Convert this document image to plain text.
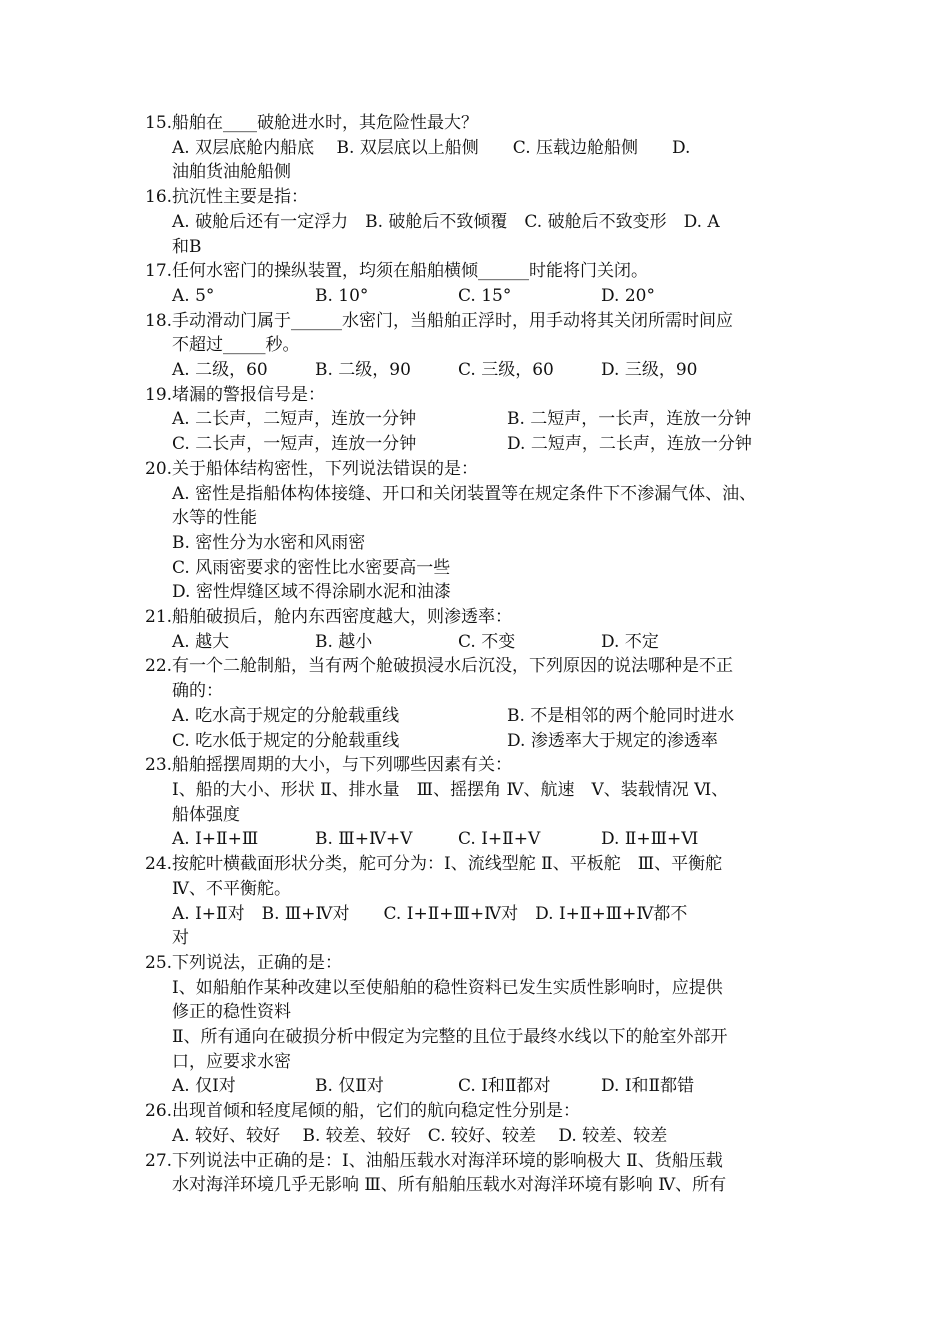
15.船舶在____破舱进水时，其危险性最大？
A. 双层底舱内船底　 B. 双层底以上船侧　　C. 压载边舱船侧　　D.
油舶货油舱船侧
16.抗沉性主要是指：
A. 破舱后还有一定浮力　B. 破舱后不致倾覆　C. 破舱后不致变形　D. A
和B
17.任何水密门的操纵装置，均须在船舶横倾______时能将门关闭。
A. 5°	B. 10°	C. 15°	D. 20°
18.手动滑动门属于______水密门，当船舶正浮时，用手动将其关闭所需时间应
不超过_____秒。
A. 二级，60	B. 二级，90	C. 三级，60	D. 三级，90
19.堵漏的警报信号是：
A. 二长声，二短声，连放一分钟	B. 二短声，一长声，连放一分钟
C. 二长声，一短声，连放一分钟	D. 二短声，二长声，连放一分钟
20.关于船体结构密性，下列说法错误的是：
A. 密性是指船体构体接缝、开口和关闭装置等在规定条件下不渗漏气体、油、
水等的性能
B. 密性分为水密和风雨密
C. 风雨密要求的密性比水密要高一些
D. 密性焊缝区域不得涂刷水泥和油漆
21.船舶破损后，舱内东西密度越大，则渗透率：
A. 越大	B. 越小	C. 不变	D. 不定
22.有一个二舱制船，当有两个舱破损浸水后沉没，下列原因的说法哪种是不正
确的：
A. 吃水高于规定的分舱载重线	B. 不是相邻的两个舱同时进水
C. 吃水低于规定的分舱载重线	D. 渗透率大于规定的渗透率
23.船舶摇摆周期的大小，与下列哪些因素有关：
Ⅰ、船的大小、形状 Ⅱ、排水量　Ⅲ、摇摆角 Ⅳ、航速　Ⅴ、装载情况 Ⅵ、
船体强度
A. Ⅰ+Ⅱ+Ⅲ	B. Ⅲ+Ⅳ+Ⅴ	C. Ⅰ+Ⅱ+Ⅴ	D. Ⅱ+Ⅲ+Ⅵ
24.按舵叶横截面形状分类，舵可分为：Ⅰ、流线型舵 Ⅱ、平板舵　Ⅲ、平衡舵
Ⅳ、不平衡舵。
A. Ⅰ+Ⅱ对　B. Ⅲ+Ⅳ对　　C. Ⅰ+Ⅱ+Ⅲ+Ⅳ对　D. Ⅰ+Ⅱ+Ⅲ+Ⅳ都不
对
25.下列说法，正确的是：
Ⅰ、如船舶作某种改建以至使船舶的稳性资料已发生实质性影响时，应提供
修正的稳性资料
Ⅱ、所有通向在破损分析中假定为完整的且位于最终水线以下的舱室外部开
口，应要求水密
A. 仅Ⅰ对	B. 仅Ⅱ对	C. Ⅰ和Ⅱ都对	D. Ⅰ和Ⅱ都错
26.出现首倾和轻度尾倾的船，它们的航向稳定性分别是：
A. 较好、较好　 B. 较差、较好　C. 较好、较差　 D. 较差、较差
27.下列说法中正确的是：Ⅰ、油船压载水对海洋环境的影响极大 Ⅱ、货船压载
水对海洋环境几乎无影响 Ⅲ、所有船舶压载水对海洋环境有影响 Ⅳ、所有
